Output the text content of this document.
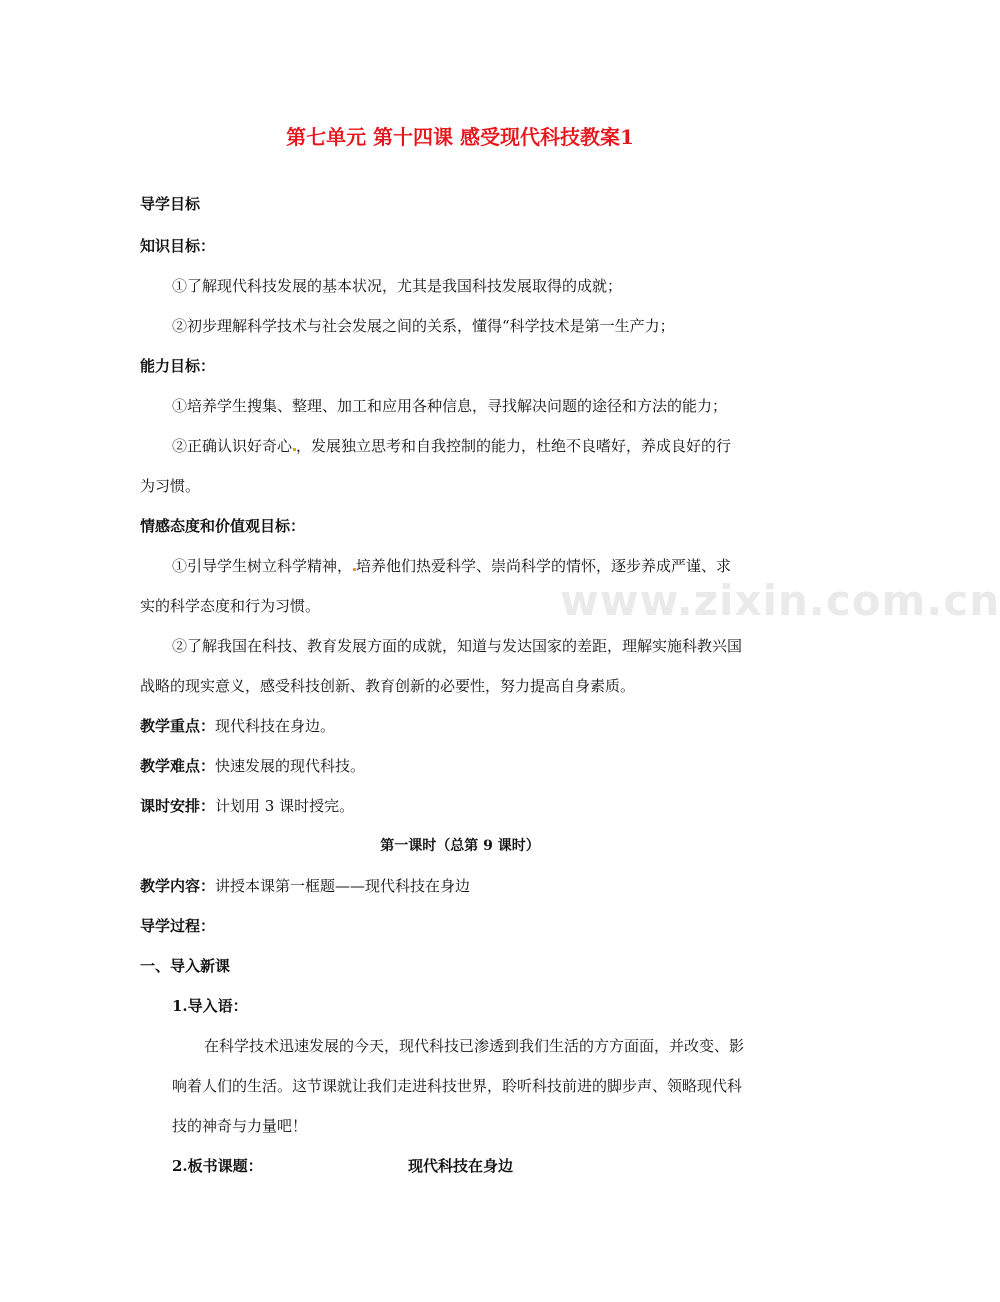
第七单元 第十四课 感受现代科技教案1
导学目标
知识目标：
①了解现代科技发展的基本状况，尤其是我国科技发展取得的成就；
②初步理解科学技术与社会发展之间的关系，懂得“科学技术是第一生产力；
能力目标：
①培养学生搜集、整理、加工和应用各种信息，寻找解决问题的途径和方法的能力；
②正确认识好奇心 ，发展独立思考和自我控制的能力，杜绝不良嗜好，养成良好的行
为习惯。
情感态度和价值观目标：
①引导学生树立科学精神， 培养他们热爱科学、崇尚科学的情怀，逐步养成严谨、求
实的科学态度和行为习惯。
②了解我国在科技、教育发展方面的成就，知道与发达国家的差距，理解实施科教兴国
战略的现实意义，感受科技创新、教育创新的必要性，努力提高自身素质。
教学重点：现代科技在身边。
教学难点：快速发展的现代科技。
课时安排：计划用 3 课时授完。
第一课时（总第 9 课时）
教学内容：讲授本课第一框题——现代科技在身边
导学过程：
一、导入新课
1.导入语：
在科学技术迅速发展的今天，现代科技已渗透到我们生活的方方面面，并改变、影
响着人们的生活。这节课就让我们走进科技世界，聆听科技前进的脚步声、领略现代科
技的神奇与力量吧！
2.板书课题：	现代科技在身边
www.zixin.com.cn
